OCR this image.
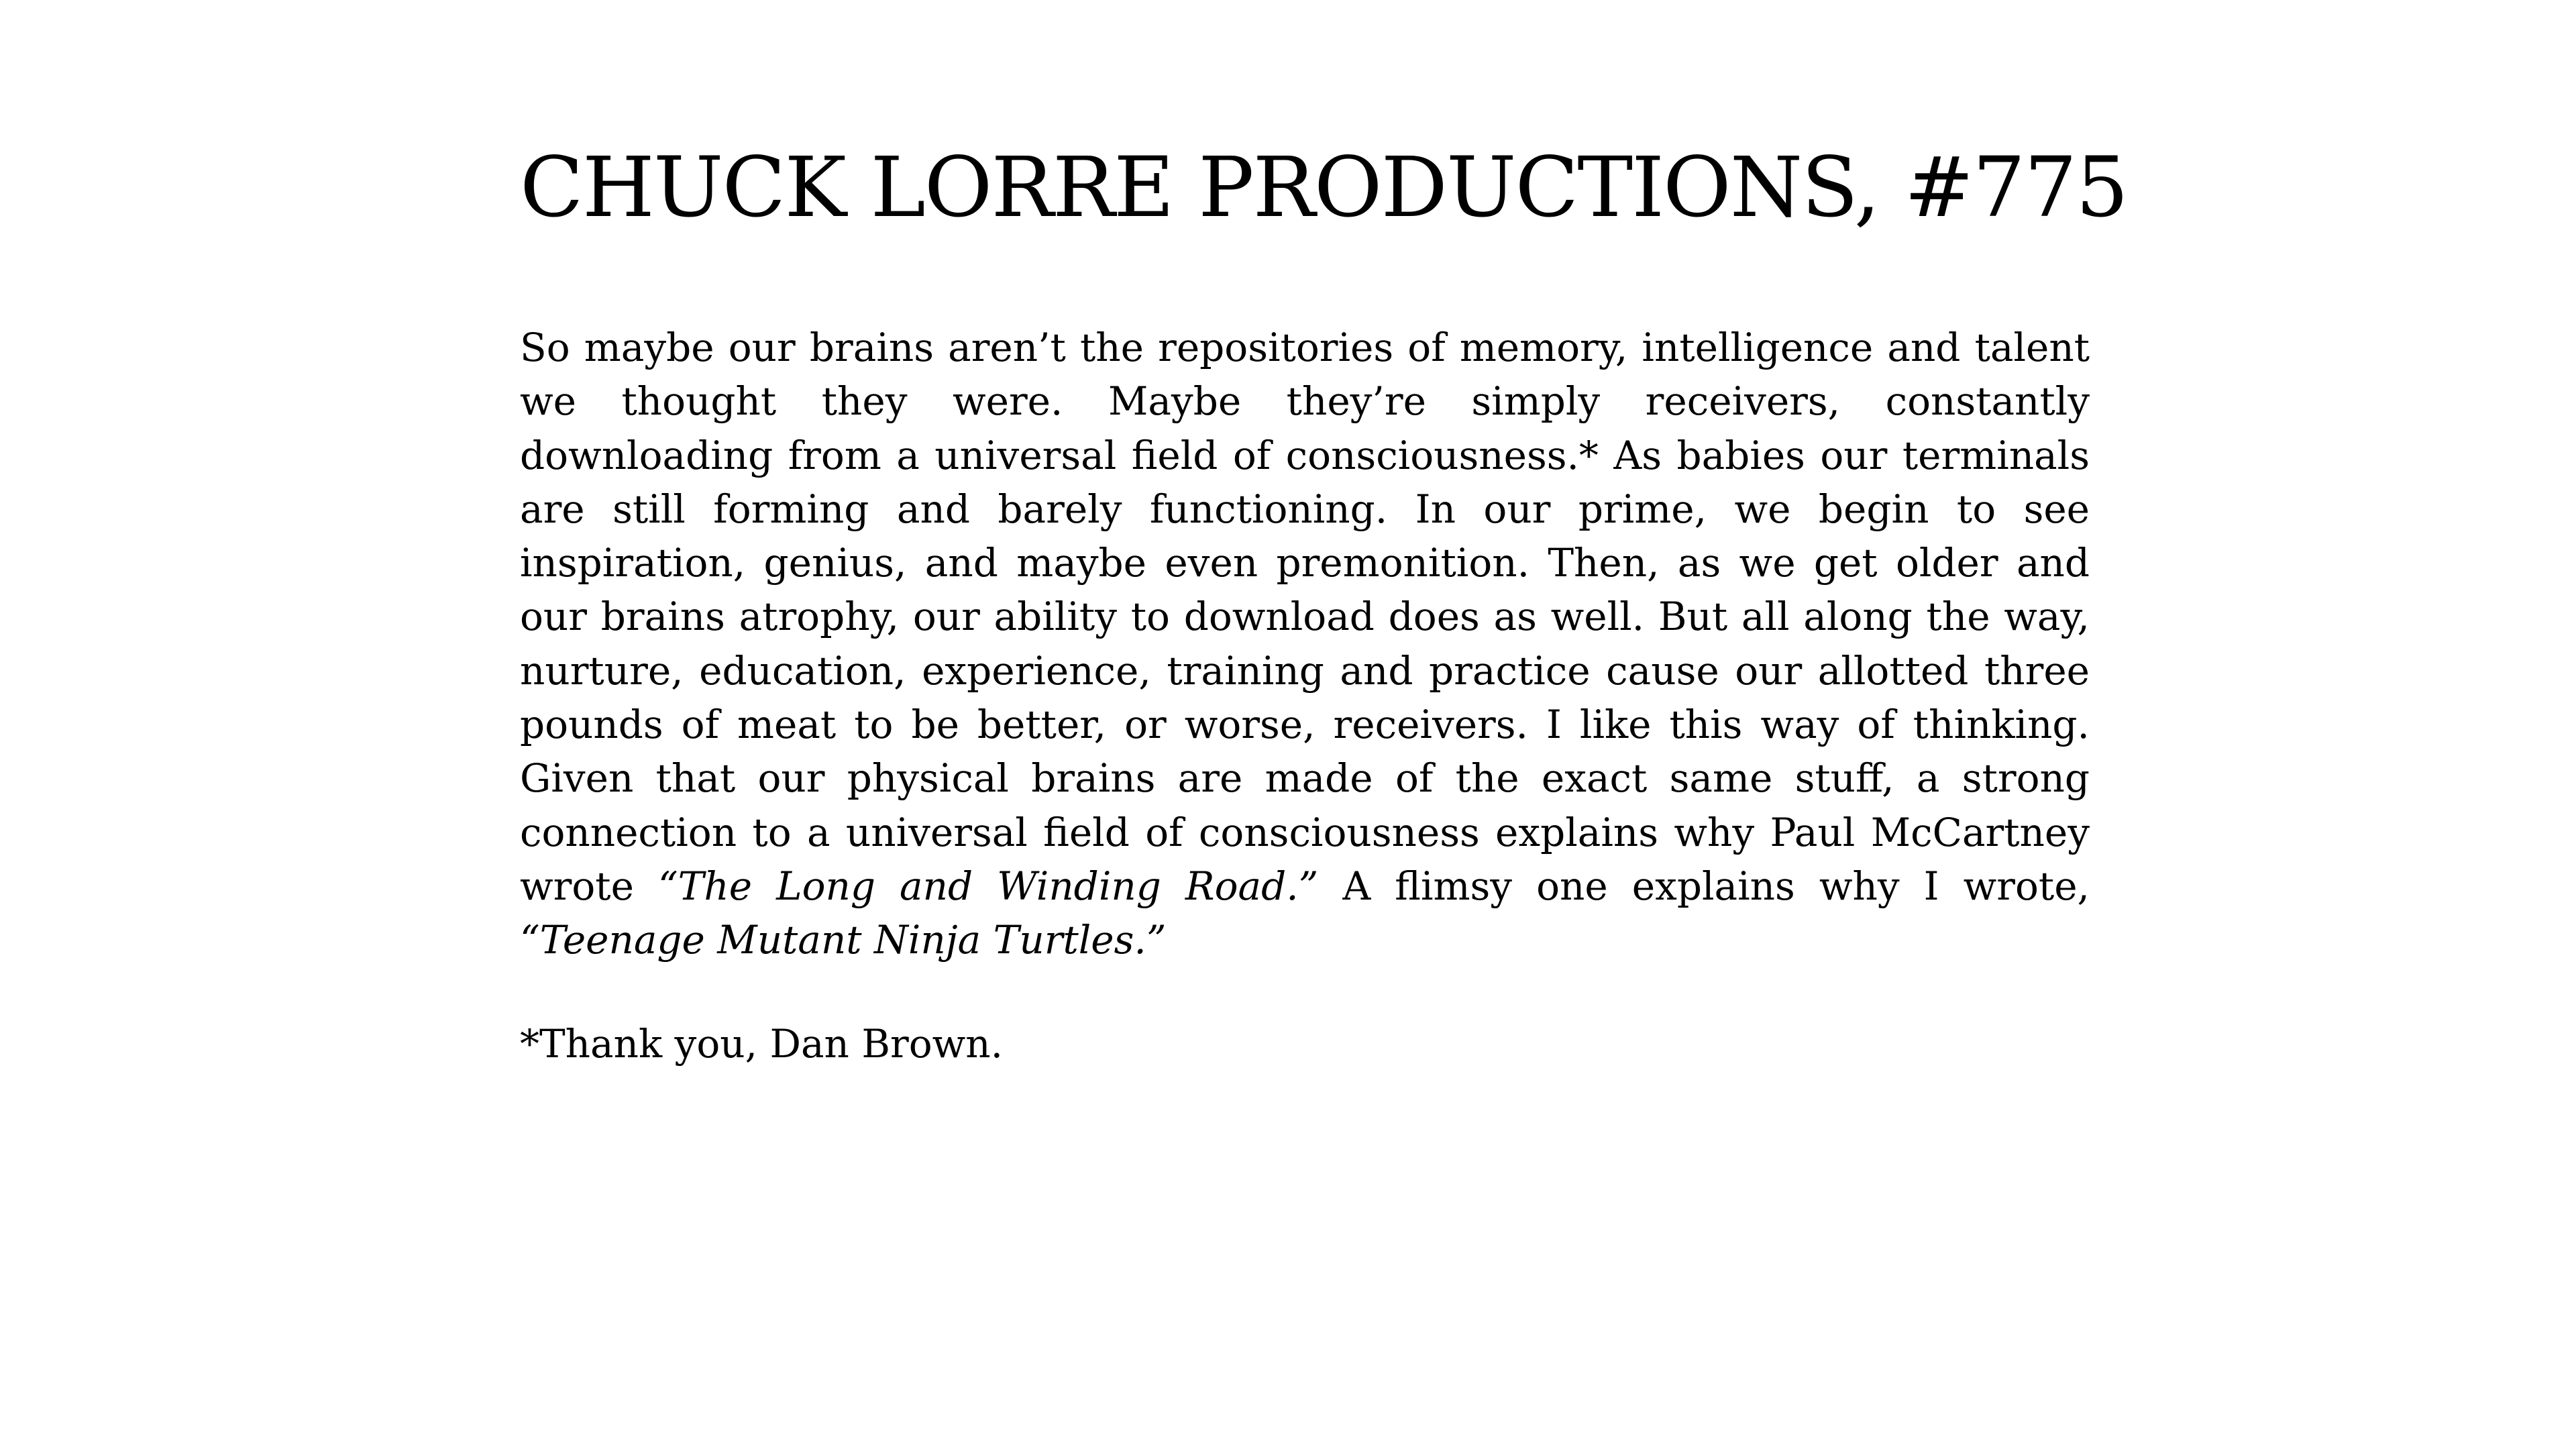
CHUCK LORRE PRODUCTIONS, #775

So maybe our brains aren’t the repositories of memory, intelligence and talent we thought they were. Maybe they’re simply receivers, constantly downloading from a universal field of consciousness.* As babies our terminals are still forming and barely functioning. In our prime, we begin to see inspiration, genius, and maybe even premonition. Then, as we get older and our brains atrophy, our ability to download does as well. But all along the way, nurture, education, experience, training and practice cause our allotted three pounds of meat to be better, or worse, receivers. I like this way of thinking. Given that our physical brains are made of the exact same stuff, a strong connection to a universal field of consciousness explains why Paul McCartney wrote “The Long and Winding Road.” A flimsy one explains why I wrote, “Teenage Mutant Ninja Turtles.”

*Thank you, Dan Brown.
